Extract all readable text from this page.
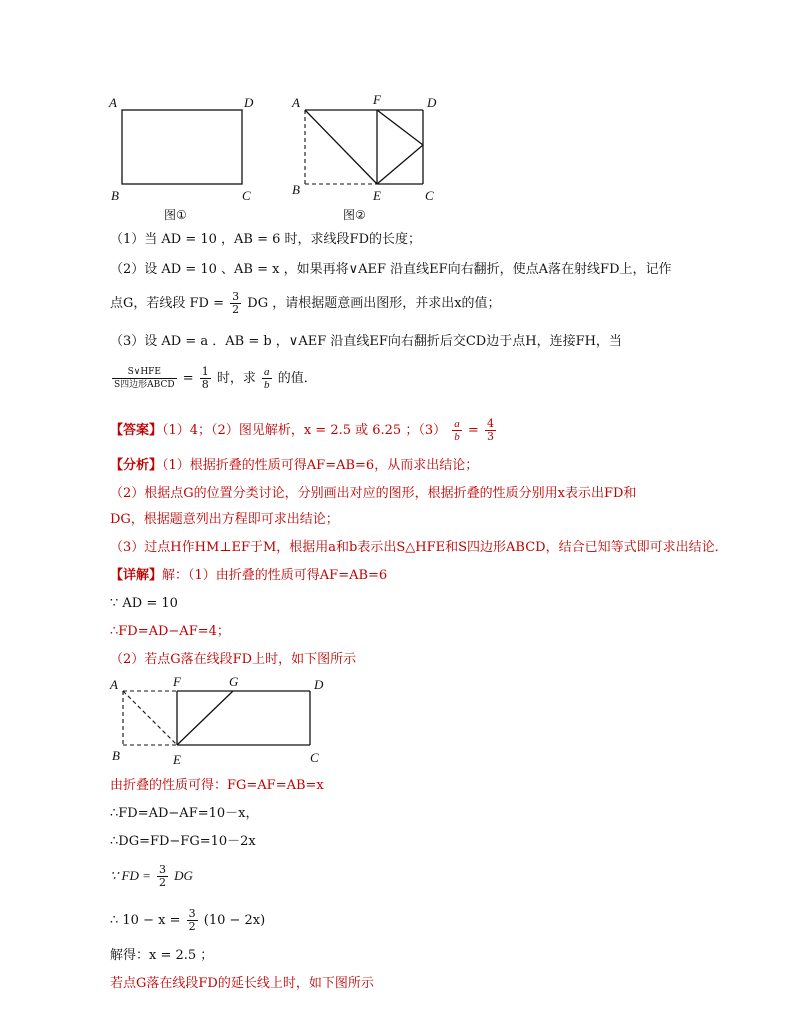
A	D
B	C
图①
A	F	D
B	E	C
图②
（1）当 AD = 10 ，AB = 6 时，求线段FD的长度；
（2）设 AD = 10 、AB = x ，如果再将∨AEF 沿直线EF向右翻折，使点A落在射线FD上，记作
点G，若线段 FD = $\frac{3}{2}$ DG ，请根据题意画出图形，并求出x的值；
（3）设 AD = a ．AB = b ，∨AEF 沿直线EF向右翻折后交CD边于点H，连接FH，当
$\frac{\text{S∨HFE}}{\text{S四边形ABCD}} = \frac{1}{8}$ 时，求 $\frac{a}{b}$ 的值．
【答案】（1）4；（2）图见解析，x = 2.5 或 6.25 ；$(3) \frac{a}{b} = \frac{4}{3}$
【分析】（1）根据折叠的性质可得AF=AB=6，从而求出结论；
（2）根据点G的位置分类讨论，分别画出对应的图形，根据折叠的性质分别用x表示出FD和
DG，根据题意列出方程即可求出结论；
（3）过点H作HM⊥EF于M，根据用a和b表示出S△HFE和S四边形ABCD，结合已知等式即可求出结论．
【详解】解：（1）由折叠的性质可得AF=AB=6
∵ AD = 10
∴FD=AD−AF=4；
（2）若点G落在线段FD上时，如下图所示
A	F	G	D
B	E	C
由折叠的性质可得：FG=AF=AB=x
∴FD=AD−AF=10－x，
∴DG=FD−FG=10－2x
∵ FD = $\frac{3}{2}$ DG
∴ $10 - x = \frac{3}{2} (10 - 2x)$
解得：x = 2.5 ；
若点G落在线段FD的延长线上时，如下图所示
